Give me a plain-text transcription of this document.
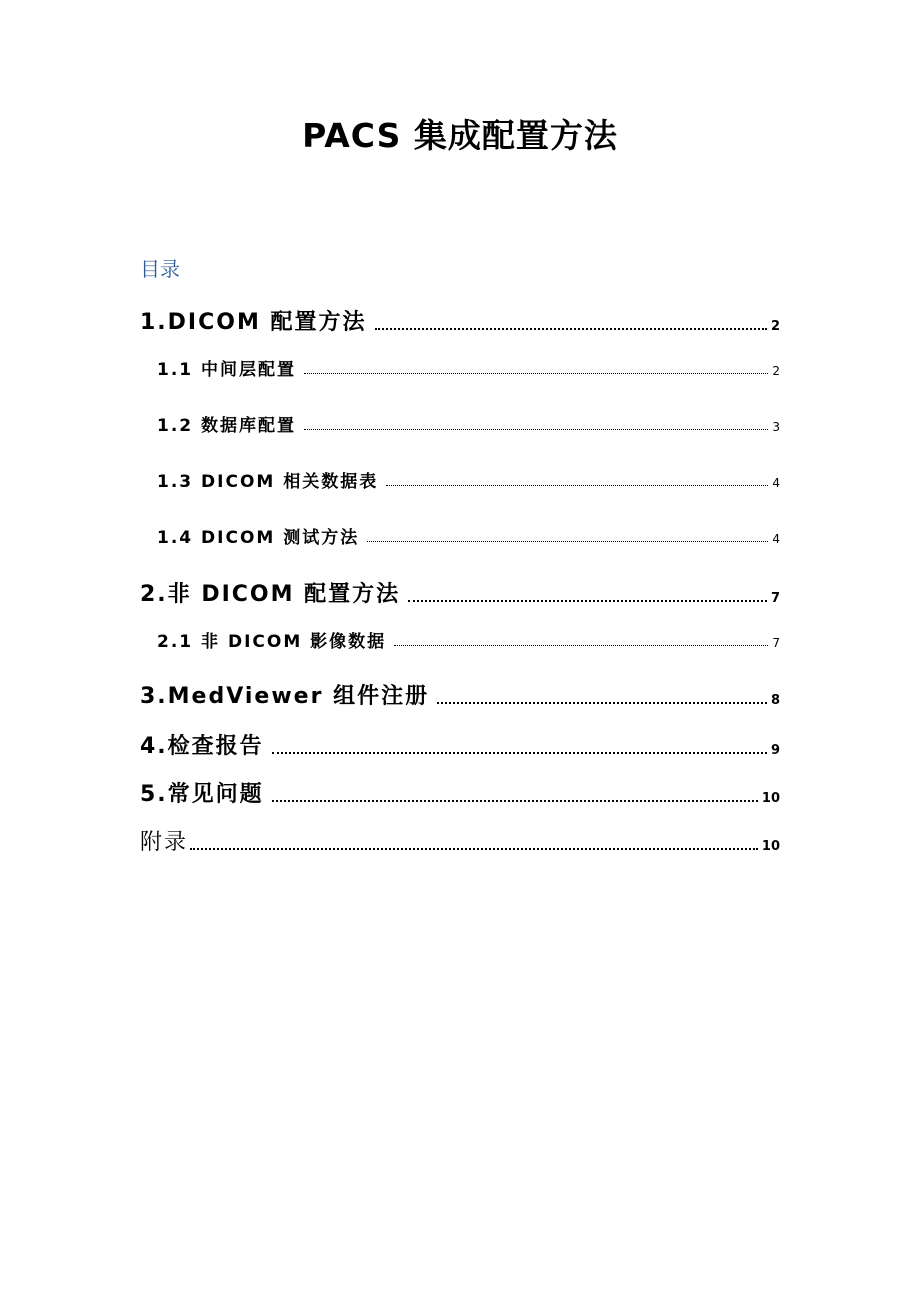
PACS 集成配置方法
目录
1.DICOM 配置方法	2
1.1 中间层配置	2
1.2 数据库配置	3
1.3 DICOM 相关数据表	4
1.4 DICOM 测试方法	4
2.非 DICOM 配置方法	7
2.1 非 DICOM 影像数据	7
3.MedViewer 组件注册	8
4.检查报告	9
5.常见问题	10
附录	10
